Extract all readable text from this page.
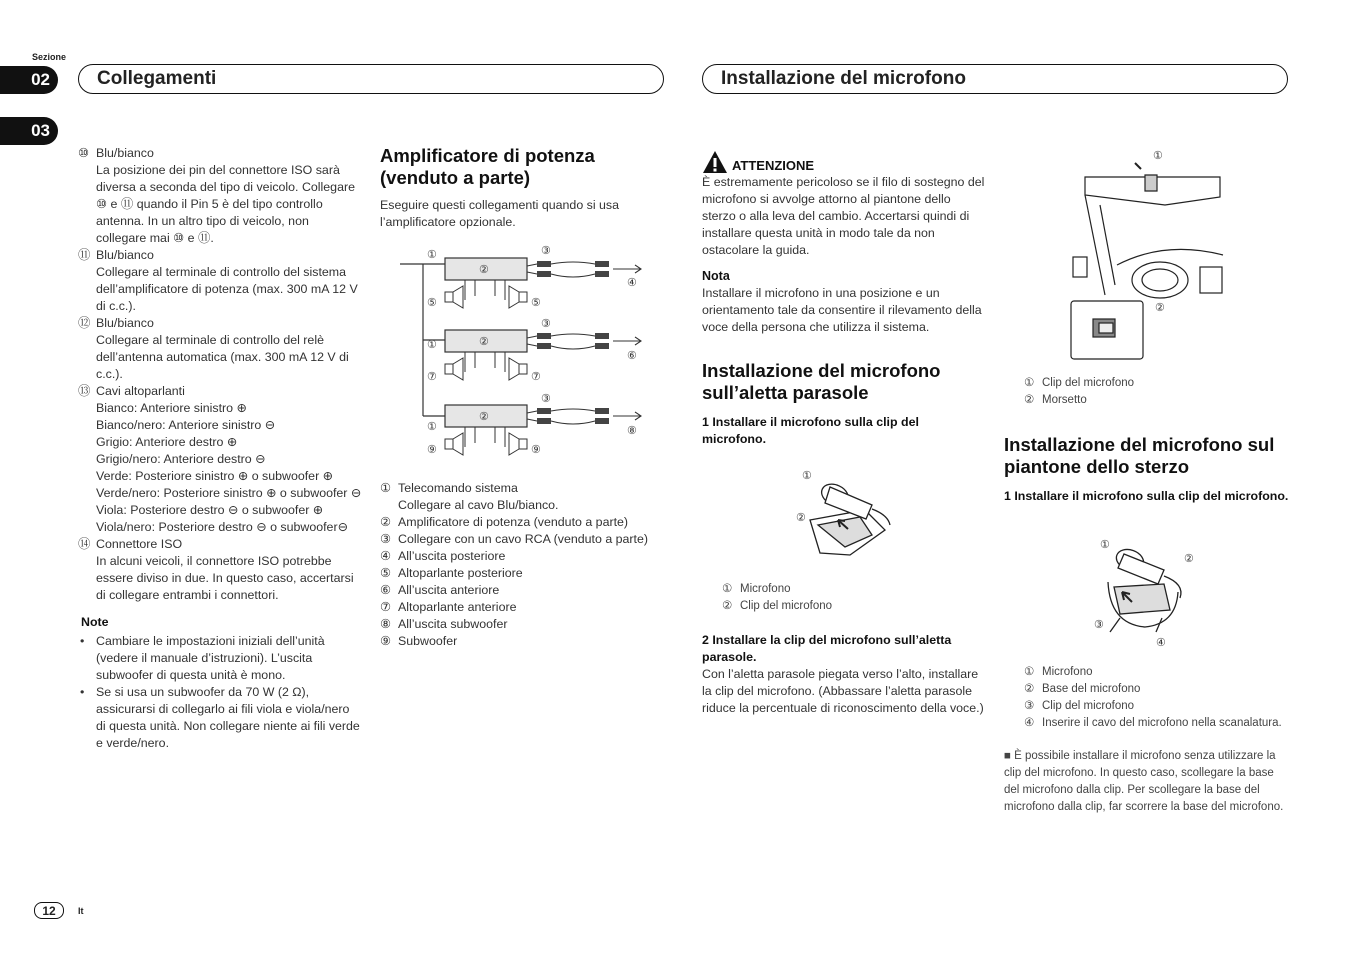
Sezione
02
03
Collegamenti	Installazione del microfono
⑩ Blu/bianco
La posizione dei pin del connettore ISO sarà diversa a seconda del tipo di veicolo. Collegare ⑩ e ⑪ quando il Pin 5 è del tipo controllo antenna. In un altro tipo di veicolo, non collegare mai ⑩ e ⑪.
⑪ Blu/bianco
Collegare al terminale di controllo del sistema dell’amplificatore di potenza (max. 300 mA 12 V di c.c.).
⑫ Blu/bianco
Collegare al terminale di controllo del relè dell’antenna automatica (max. 300 mA 12 V di c.c.).
⑬ Cavi altoparlanti
Bianco: Anteriore sinistro ⊕
Bianco/nero: Anteriore sinistro ⊖
Grigio: Anteriore destro ⊕
Grigio/nero: Anteriore destro ⊖
Verde: Posteriore sinistro ⊕ o subwoofer ⊕
Verde/nero: Posteriore sinistro ⊕ o subwoofer ⊖
Viola: Posteriore destro ⊖ o subwoofer ⊕
Viola/nero: Posteriore destro ⊖ o subwoofer⊖
⑭ Connettore ISO
In alcuni veicoli, il connettore ISO potrebbe essere diviso in due. In questo caso, accertarsi di collegare entrambi i connettori.
Note
• Cambiare le impostazioni iniziali dell’unità (vedere il manuale d’istruzioni). L’uscita subwoofer di questa unità è mono.
• Se si usa un subwoofer da 70 W (2 Ω), assicurarsi di collegarlo ai fili viola e viola/nero di questa unità. Non collegare niente ai fili verde e verde/nero.
Amplificatore di potenza (venduto a parte)
Eseguire questi collegamenti quando si usa l’amplificatore opzionale.
①
①
①
②
②
②
③
③
③
④
⑤	⑤
⑥
⑦	⑦
⑧
⑨	⑨
① Telecomando sistema
Collegare al cavo Blu/bianco.
② Amplificatore di potenza (venduto a parte)
③ Collegare con un cavo RCA (venduto a parte)
④ All’uscita posteriore
⑤ Altoparlante posteriore
⑥ All’uscita anteriore
⑦ Altoparlante anteriore
⑧ All’uscita subwoofer
⑨ Subwoofer
ATTENZIONE
È estremamente pericoloso se il filo di sostegno del microfono si avvolge attorno al piantone dello sterzo o alla leva del cambio. Accertarsi quindi di installare questa unità in modo tale da non ostacolare la guida.
Nota
Installare il microfono in una posizione e un orientamento tale da consentire il rilevamento della voce della persona che utilizza il sistema.
Installazione del microfono sull’aletta parasole
1 Installare il microfono sulla clip del microfono.
①
②
① Microfono
② Clip del microfono
2 Installare la clip del microfono sull’aletta parasole.
Con l’aletta parasole piegata verso l’alto, installare la clip del microfono. (Abbassare l’aletta parasole riduce la percentuale di riconoscimento della voce.)
①
②
① Clip del microfono
② Morsetto
Installazione del microfono sul piantone dello sterzo
1 Installare il microfono sulla clip del microfono.
①
②
③
④
① Microfono
② Base del microfono
③ Clip del microfono
④ Inserire il cavo del microfono nella scanalatura.
■ È possibile installare il microfono senza utilizzare la clip del microfono. In questo caso, scollegare la base del microfono dalla clip. Per scollegare la base del microfono dalla clip, far scorrere la base del microfono.
12	It
